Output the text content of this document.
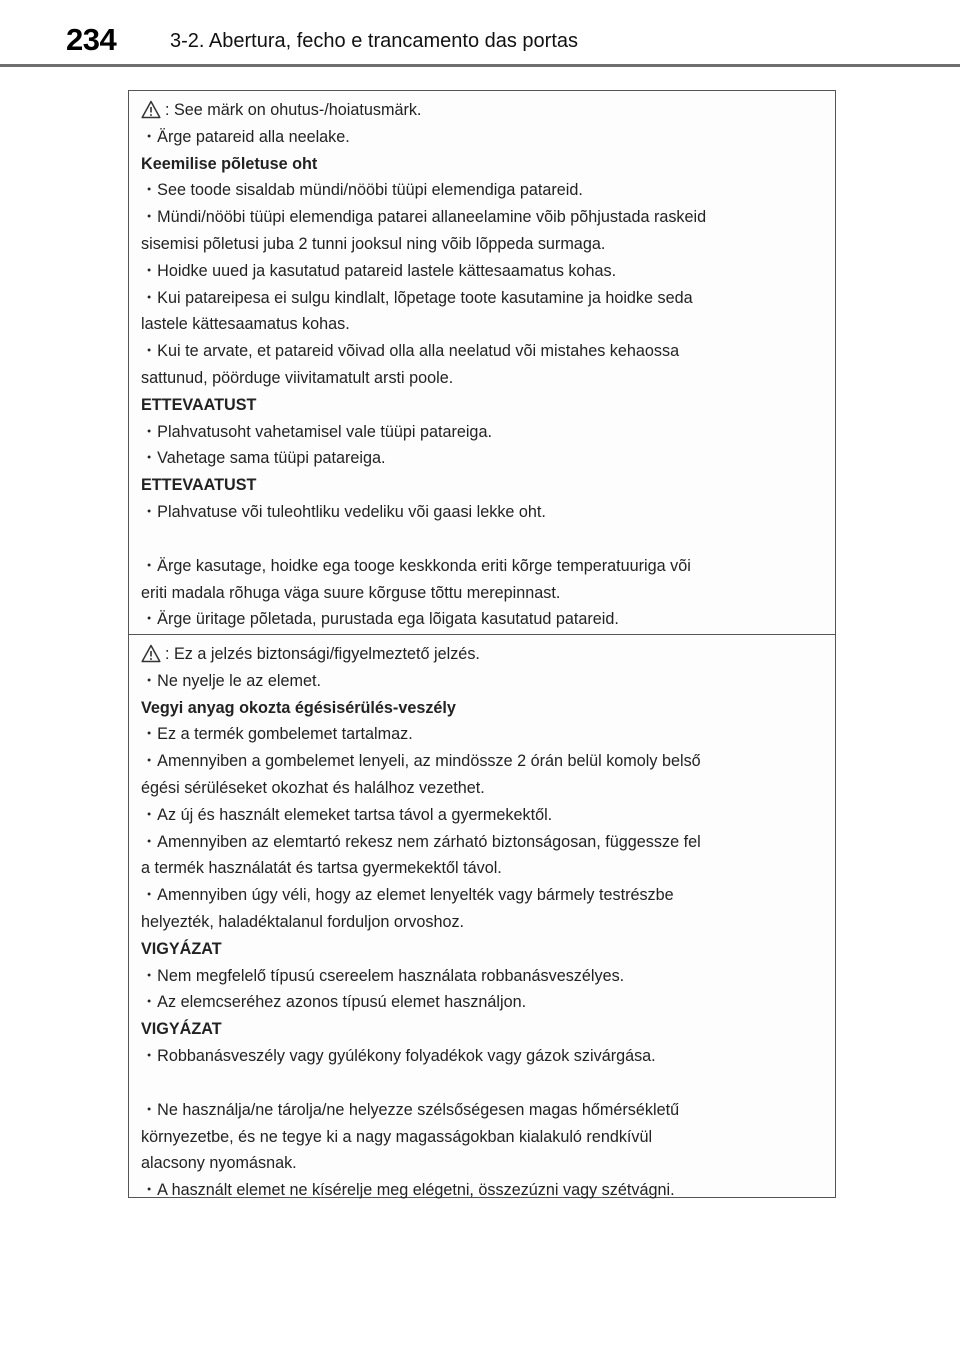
234	3-2. Abertura, fecho e trancamento das portas
: See märk on ohutus-/hoiatusmärk.
・Ärge patareid alla neelake.
Keemilise põletuse oht
・See toode sisaldab mündi/nööbi tüüpi elemendiga patareid.
・Mündi/nööbi tüüpi elemendiga patarei allaneelamine võib põhjustada raskeid
sisemisi põletusi juba 2 tunni jooksul ning võib lõppeda surmaga.
・Hoidke uued ja kasutatud patareid lastele kättesaamatus kohas.
・Kui patareipesa ei sulgu kindlalt, lõpetage toote kasutamine ja hoidke seda
lastele kättesaamatus kohas.
・Kui te arvate, et patareid võivad olla alla neelatud või mistahes kehaossa
sattunud, pöörduge viivitamatult arsti poole.
ETTEVAATUST
・Plahvatusoht vahetamisel vale tüüpi patareiga.
・Vahetage sama tüüpi patareiga.
ETTEVAATUST
・Plahvatuse või tuleohtliku vedeliku või gaasi lekke oht.
・Ärge kasutage, hoidke ega tooge keskkonda eriti kõrge temperatuuriga või
eriti madala rõhuga väga suure kõrguse tõttu merepinnast.
・Ärge üritage põletada, purustada ega lõigata kasutatud patareid.
: Ez a jelzés biztonsági/figyelmeztető jelzés.
・Ne nyelje le az elemet.
Vegyi anyag okozta égésisérülés-veszély
・Ez a termék gombelemet tartalmaz.
・Amennyiben a gombelemet lenyeli, az mindössze 2 órán belül komoly belső
égési sérüléseket okozhat és halálhoz vezethet.
・Az új és használt elemeket tartsa távol a gyermekektől.
・Amennyiben az elemtartó rekesz nem zárható biztonságosan, függessze fel
a termék használatát és tartsa gyermekektől távol.
・Amennyiben úgy véli, hogy az elemet lenyelték vagy bármely testrészbe
helyezték, haladéktalanul forduljon orvoshoz.
VIGYÁZAT
・Nem megfelelő típusú csereelem használata robbanásveszélyes.
・Az elemcseréhez azonos típusú elemet használjon.
VIGYÁZAT
・Robbanásveszély vagy gyúlékony folyadékok vagy gázok szivárgása.
・Ne használja/ne tárolja/ne helyezze szélsőségesen magas hőmérsékletű
környezetbe, és ne tegye ki a nagy magasságokban kialakuló rendkívül
alacsony nyomásnak.
・A használt elemet ne kísérelje meg elégetni, összezúzni vagy szétvágni.
